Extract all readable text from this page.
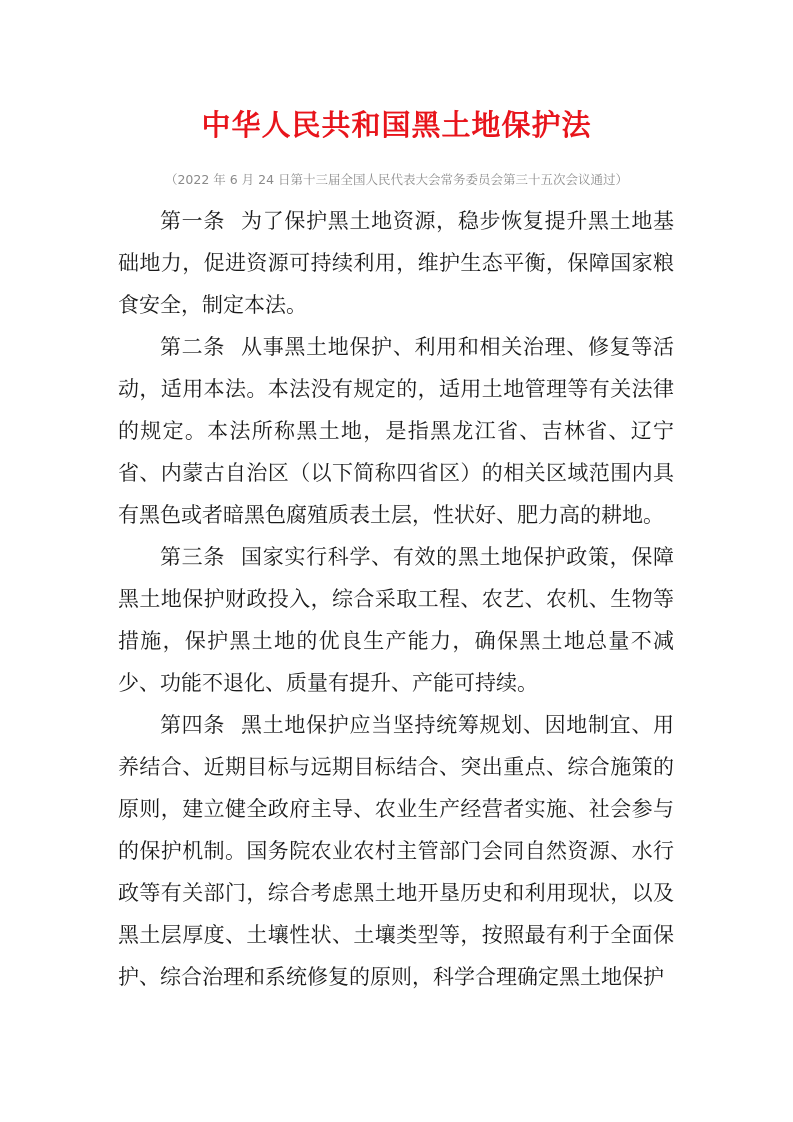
中华人民共和国黑土地保护法
（2022 年 6 月 24 日第十三届全国人民代表大会常务委员会第三十五次会议通过）

第一条 为了保护黑土地资源，稳步恢复提升黑土地基础地力，促进资源可持续利用，维护生态平衡，保障国家粮食安全，制定本法。

第二条 从事黑土地保护、利用和相关治理、修复等活动，适用本法。本法没有规定的，适用土地管理等有关法律的规定。本法所称黑土地，是指黑龙江省、吉林省、辽宁省、内蒙古自治区（以下简称四省区）的相关区域范围内具有黑色或者暗黑色腐殖质表土层，性状好、肥力高的耕地。

第三条 国家实行科学、有效的黑土地保护政策，保障黑土地保护财政投入，综合采取工程、农艺、农机、生物等措施，保护黑土地的优良生产能力，确保黑土地总量不减少、功能不退化、质量有提升、产能可持续。

第四条 黑土地保护应当坚持统筹规划、因地制宜、用养结合、近期目标与远期目标结合、突出重点、综合施策的原则，建立健全政府主导、农业生产经营者实施、社会参与的保护机制。国务院农业农村主管部门会同自然资源、水行政等有关部门，综合考虑黑土地开垦历史和利用现状，以及黑土层厚度、土壤性状、土壤类型等，按照最有利于全面保护、综合治理和系统修复的原则，科学合理确定黑土地保护
